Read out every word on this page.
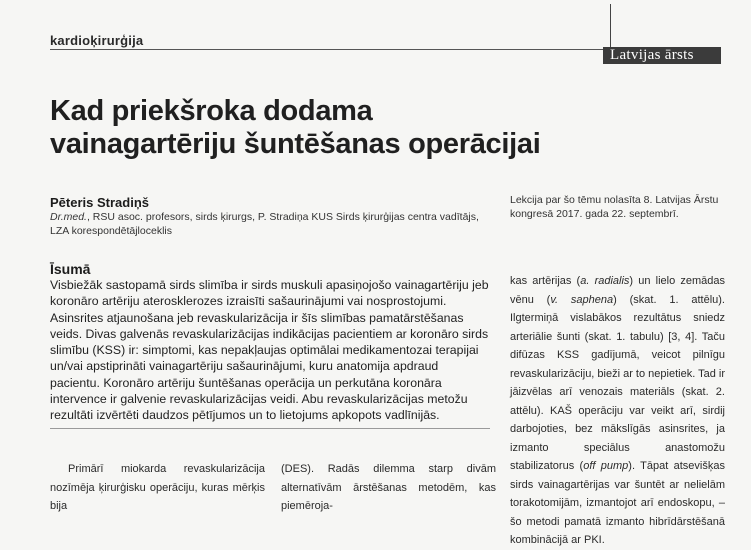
kardioķirurģija
Latvijas ārsts
Kad priekšroka dodama
vainagartēriju šuntēšanas operācijai
Pēteris Stradiņš
Dr.med., RSU asoc. profesors, sirds ķirurgs, P. Stradiņa KUS Sirds ķirurģijas centra vadītājs, LZA korespondētājloceklis
Lekcija par šo tēmu nolasīta 8. Latvijas Ārstu kongresā 2017. gada 22. septembrī.
Īsumā
Visbiežāk sastopamā sirds slimība ir sirds muskuli apasiņojošo vainagartēriju jeb koronāro artēriju aterosklerozes izraisīti sašaurinājumi vai nosprostojumi. Asinsrites atjaunošana jeb revaskularizācija ir šīs slimības pamatārstēšanas veids. Divas galvenās revaskularizācijas indikācijas pacientiem ar koronāro sirds slimību (KSS) ir: simptomi, kas nepakļaujas optimālai medikamentozai terapijai un/vai apstiprināti vainagartēriju sašaurinājumi, kuru anatomija apdraud pacientu. Koronāro artēriju šuntēšanas operācija un perkutāna koronāra intervence ir galvenie revaskularizācijas veidi. Abu revaskularizācijas metožu rezultāti izvērtēti daudzos pētījumos un to lietojums apkopots vadlīnijās.
Primārī miokarda revaskularizācija nozīmēja ķirurģisku operāciju, kuras mērķis bija
(DES). Radās dilemma starp divām alternatīvām ārstēšanas metodēm, kas piemēroja-
kas artērijas (a. radialis) un lielo zemādas vēnu (v. saphena) (skat. 1. attēlu). Ilgtermiņā vislabākos rezultātus sniedz arteriālie šunti (skat. 1. tabulu) [3, 4]. Taču difūzas KSS gadījumā, veicot pilnīgu revaskularizāciju, bieži ar to nepietiek. Tad ir jāizvēlas arī venozais materiāls (skat. 2. attēlu). KAŠ operāciju var veikt arī, sirdij darbojoties, bez mākslīgās asinsrites, ja izmanto speciālus anastomožu stabilizatorus (off pump). Tāpat atsevišķas sirds vainagartērijas var šuntēt ar nelielām torakotomijām, izmantojot arī endoskopu, – šo metodi pamatā izmanto hibrīdārstēšanā kombinācijā ar PKI.
